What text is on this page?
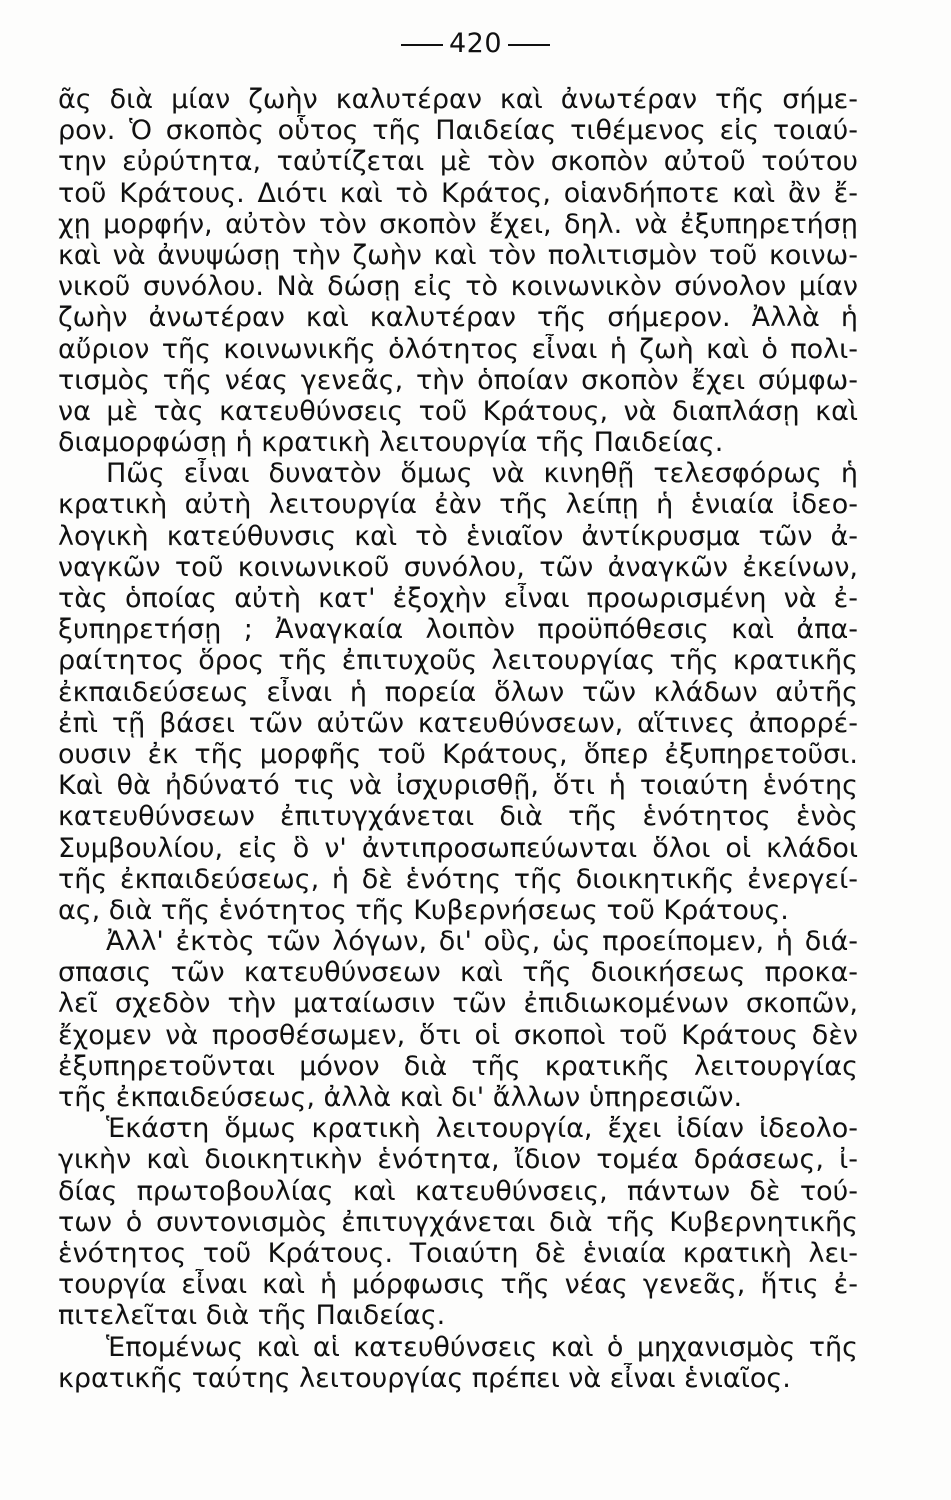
420
ᾶς διὰ μίαν ζωὴν καλυτέραν καὶ ἀνωτέραν τῆς σήμε-
ρον. Ὁ σκοπὸς οὗτος τῆς Παιδείας τιθέμενος εἰς τοιαύ-
την εὐρύτητα, ταὐτίζεται μὲ τὸν σκοπὸν αὐτοῦ τούτου
τοῦ Κράτους. Διότι καὶ τὸ Κράτος, οἱανδήποτε καὶ ἂν ἔ-
χῃ μορφήν, αὐτὸν τὸν σκοπὸν ἔχει, δηλ. νὰ ἐξυπηρετήσῃ
καὶ νὰ ἀνυψώσῃ τὴν ζωὴν καὶ τὸν πολιτισμὸν τοῦ κοινω-
νικοῦ συνόλου. Νὰ δώσῃ εἰς τὸ κοινωνικὸν σύνολον μίαν
ζωὴν ἀνωτέραν καὶ καλυτέραν τῆς σήμερον. Ἀλλὰ ἡ
αὔριον τῆς κοινωνικῆς ὁλότητος εἶναι ἡ ζωὴ καὶ ὁ πολι-
τισμὸς τῆς νέας γενεᾶς, τὴν ὁποίαν σκοπὸν ἔχει σύμφω-
να μὲ τὰς κατευθύνσεις τοῦ Κράτους, νὰ διαπλάσῃ καὶ
διαμορφώσῃ ἡ κρατικὴ λειτουργία τῆς Παιδείας.
Πῶς εἶναι δυνατὸν ὅμως νὰ κινηθῇ τελεσφόρως ἡ
κρατικὴ αὐτὴ λειτουργία ἐὰν τῆς λείπῃ ἡ ἑνιαία ἰδεο-
λογικὴ κατεύθυνσις καὶ τὸ ἑνιαῖον ἀντίκρυσμα τῶν ἀ-
ναγκῶν τοῦ κοινωνικοῦ συνόλου, τῶν ἀναγκῶν ἐκείνων,
τὰς ὁποίας αὐτὴ κατ' ἐξοχὴν εἶναι προωρισμένη νὰ ἐ-
ξυπηρετήσῃ ; Ἀναγκαία λοιπὸν προϋπόθεσις καὶ ἀπα-
ραίτητος ὅρος τῆς ἐπιτυχοῦς λειτουργίας τῆς κρατικῆς
ἐκπαιδεύσεως εἶναι ἡ πορεία ὅλων τῶν κλάδων αὐτῆς
ἐπὶ τῇ βάσει τῶν αὐτῶν κατευθύνσεων, αἵτινες ἀπορρέ-
ουσιν ἐκ τῆς μορφῆς τοῦ Κράτους, ὅπερ ἐξυπηρετοῦσι.
Καὶ θὰ ἠδύνατό τις νὰ ἰσχυρισθῇ, ὅτι ἡ τοιαύτη ἑνότης
κατευθύνσεων ἐπιτυγχάνεται διὰ τῆς ἑνότητος ἑνὸς
Συμβουλίου, εἰς ὃ ν' ἀντιπροσωπεύωνται ὅλοι οἱ κλάδοι
τῆς ἐκπαιδεύσεως, ἡ δὲ ἑνότης τῆς διοικητικῆς ἐνεργεί-
ας, διὰ τῆς ἑνότητος τῆς Κυβερνήσεως τοῦ Κράτους.
Ἀλλ' ἐκτὸς τῶν λόγων, δι' οὓς, ὡς προείπομεν, ἡ διά-
σπασις τῶν κατευθύνσεων καὶ τῆς διοικήσεως προκα-
λεῖ σχεδὸν τὴν ματαίωσιν τῶν ἐπιδιωκομένων σκοπῶν,
ἔχομεν νὰ προσθέσωμεν, ὅτι οἱ σκοποὶ τοῦ Κράτους δὲν
ἐξυπηρετοῦνται μόνον διὰ τῆς κρατικῆς λειτουργίας
τῆς ἐκπαιδεύσεως, ἀλλὰ καὶ δι' ἄλλων ὑπηρεσιῶν.
Ἑκάστη ὅμως κρατικὴ λειτουργία, ἔχει ἰδίαν ἰδεολο-
γικὴν καὶ διοικητικὴν ἑνότητα, ἴδιον τομέα δράσεως, ἰ-
δίας πρωτοβουλίας καὶ κατευθύνσεις, πάντων δὲ τού-
των ὁ συντονισμὸς ἐπιτυγχάνεται διὰ τῆς Κυβερνητικῆς
ἑνότητος τοῦ Κράτους. Τοιαύτη δὲ ἑνιαία κρατικὴ λει-
τουργία εἶναι καὶ ἡ μόρφωσις τῆς νέας γενεᾶς, ἥτις ἐ-
πιτελεῖται διὰ τῆς Παιδείας.
Ἑπομένως καὶ αἱ κατευθύνσεις καὶ ὁ μηχανισμὸς τῆς
κρατικῆς ταύτης λειτουργίας πρέπει νὰ εἶναι ἑνιαῖος.
